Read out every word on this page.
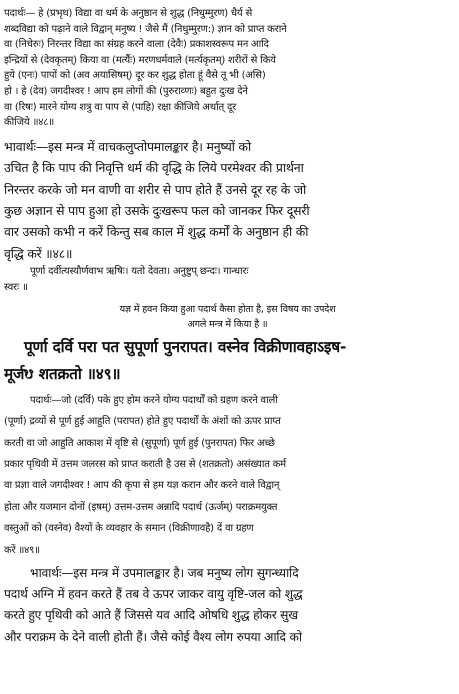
पदार्थः— हे (प्रभृथ) विद्या वा धर्म के अनुष्ठान से शुद्ध (निधुम्मुरण) धैर्य से
शब्दविद्या को पढ़ाने वाले विद्वान् मनुष्य ! जैसे मैं (निधुम्मुरण:) ज्ञान को प्राप्त कराने
वा (निचेरुः) निरन्तर विद्या का संग्रह करने वाला (देवैः) प्रकाशस्वरूप मन आदि
इन्द्रियों से (देवकृतम्) किया वा (मर्त्यैः) मरणधर्मवाले (मर्त्यकृतम्) शरीरों से किये
हुये (एनः) पापों को (अव अयासिषम्) दूर कर शुद्ध होता हूं वैसे तू भी (असि)
हो । हे (देव) जगदीश्वर ! आप हम लोगों की (पुरुराव्णः) बहुत दुःख देने
वा (रिषः) मारने योग्य शत्रु वा पाप से (पाहि) रक्षा कीजिये अर्थात् दूर
कीजिये ॥४८॥
भावार्थः—इस मन्त्र में वाचकलुप्तोपमालङ्कार है। मनुष्यों को
उचित है कि पाप की निवृत्ति धर्म की वृद्धि के लिये परमेश्वर की प्रार्थना
निरन्तर करके जो मन वाणी वा शरीर से पाप होते हैं उनसे दूर रह के जो
कुछ अज्ञान से पाप हुआ हो उसके दुःखरूप फल को जानकर फिर दूसरी
वार उसको कभी न करें किन्तु सब काल में शुद्ध कर्मों के अनुष्ठान ही की
वृद्धि करें ॥४८॥
पूर्णा दर्वीत्यस्यौर्णवाभ ऋषिः। यतो देवता। अनुष्टुप् छन्दः। गान्धारः
स्वरः ॥
यज्ञ में हवन किया हुआ पदार्थ कैसा होता है, इस विषय का उपदेश
अगले मन्त्र में किया है ॥
पूर्णा दर्वि परा पत सुपूर्णा पुनरापत। वस्नेव विक्रीणावहाऽइष-
मूर्जᳪ शतक्रतो ॥४९॥
पदार्थः—जो (दर्वि) पके हुए होम करने योग्य पदार्थों को ग्रहण करने वाली
(पूर्णा) द्रव्यों से पूर्ण हुई आहुति (परापत) होते हुए पदार्थों के अंशों को ऊपर प्राप्त
करती वा जो आहुति आकाश में वृष्टि से (सुपूर्णा) पूर्ण हुई (पुनरापत) फिर अच्छे
प्रकार पृथिवी में उत्तम जलरस को प्राप्त कराती है उस से (शतक्रतो) असंख्यात कर्म
वा प्रज्ञा वाले जगदीश्वर ! आप की कृपा से हम यज्ञ करान और करने वाले विद्वान्
होता और यजमान दोनों (इषम्) उत्तम-उत्तम अन्नादि पदार्थ (ऊर्जम्) पराक्रमयुक्त
वस्तुओं को (वस्नेव) वैश्यों के व्यवहार के समान (विक्रीणावहै) दें वा ग्रहण
करें ॥४९॥
भावार्थः—इस मन्त्र में उपमालङ्कार है। जब मनुष्य लोग सुगन्ध्यादि
पदार्थ अग्नि में हवन करते हैं तब वे ऊपर जाकर वायु वृष्टि-जल को शुद्ध
करते हुए पृथिवी को आते हैं जिससे यव आदि ओषधि शुद्ध होकर सुख
और पराक्रम के देने वाली होती हैं। जैसे कोई वैश्य लोग रुपया आदि को
